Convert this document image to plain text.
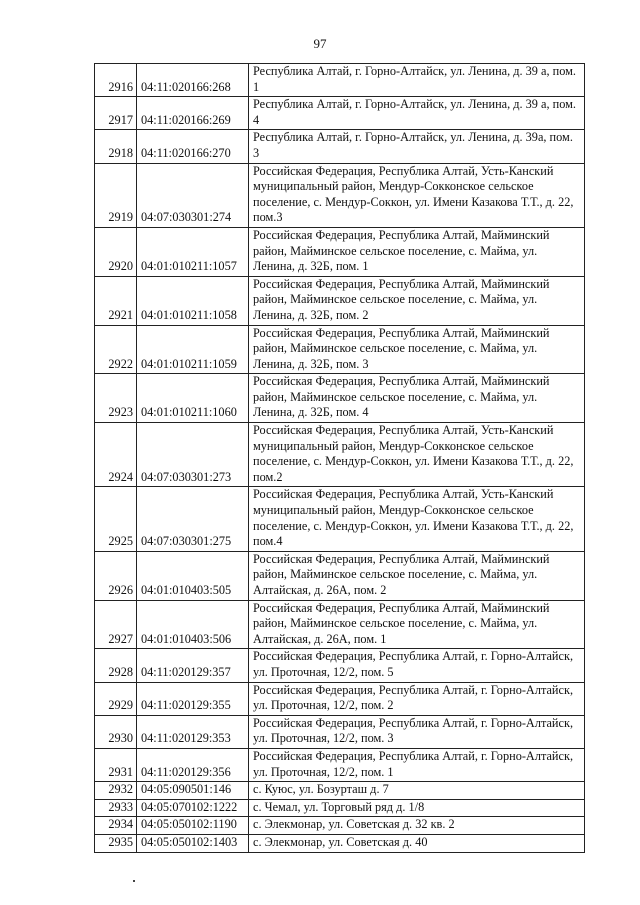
97
2916	04:11:020166:268	Республика Алтай, г. Горно-Алтайск, ул. Ленина, д. 39 а, пом. 1
2917	04:11:020166:269	Республика Алтай, г. Горно-Алтайск, ул. Ленина, д. 39 а, пом. 4
2918	04:11:020166:270	Республика Алтай, г. Горно-Алтайск, ул. Ленина, д. 39а, пом. 3
2919	04:07:030301:274	Российская Федерация, Республика Алтай, Усть-Канский муниципальный район, Мендур-Сокконское сельское поселение, с. Мендур-Соккон, ул. Имени Казакова Т.Т., д. 22, пом.3
2920	04:01:010211:1057	Российская Федерация, Республика Алтай, Майминский район, Майминское сельское поселение, с. Майма, ул. Ленина, д. 32Б, пом. 1
2921	04:01:010211:1058	Российская Федерация, Республика Алтай, Майминский район, Майминское сельское поселение, с. Майма, ул. Ленина, д. 32Б, пом. 2
2922	04:01:010211:1059	Российская Федерация, Республика Алтай, Майминский район, Майминское сельское поселение, с. Майма, ул. Ленина, д. 32Б, пом. 3
2923	04:01:010211:1060	Российская Федерация, Республика Алтай, Майминский район, Майминское сельское поселение, с. Майма, ул. Ленина, д. 32Б, пом. 4
2924	04:07:030301:273	Российская Федерация, Республика Алтай, Усть-Канский муниципальный район, Мендур-Сокконское сельское поселение, с. Мендур-Соккон, ул. Имени Казакова Т.Т., д. 22, пом.2
2925	04:07:030301:275	Российская Федерация, Республика Алтай, Усть-Канский муниципальный район, Мендур-Сокконское сельское поселение, с. Мендур-Соккон, ул. Имени Казакова Т.Т., д. 22, пом.4
2926	04:01:010403:505	Российская Федерация, Республика Алтай, Майминский район, Майминское сельское поселение, с. Майма, ул. Алтайская, д. 26А, пом. 2
2927	04:01:010403:506	Российская Федерация, Республика Алтай, Майминский район, Майминское сельское поселение, с. Майма, ул. Алтайская, д. 26А, пом. 1
2928	04:11:020129:357	Российская Федерация, Республика Алтай, г. Горно-Алтайск, ул. Проточная, 12/2, пом. 5
2929	04:11:020129:355	Российская Федерация, Республика Алтай, г. Горно-Алтайск, ул. Проточная, 12/2, пом. 2
2930	04:11:020129:353	Российская Федерация, Республика Алтай, г. Горно-Алтайск, ул. Проточная, 12/2, пом. 3
2931	04:11:020129:356	Российская Федерация, Республика Алтай, г. Горно-Алтайск, ул. Проточная, 12/2, пом. 1
2932	04:05:090501:146	с. Куюс, ул. Бозурташ д. 7
2933	04:05:070102:1222	с. Чемал, ул. Торговый ряд д. 1/8
2934	04:05:050102:1190	с. Элекмонар, ул. Советская д. 32 кв. 2
2935	04:05:050102:1403	с. Элекмонар, ул. Советская д. 40
